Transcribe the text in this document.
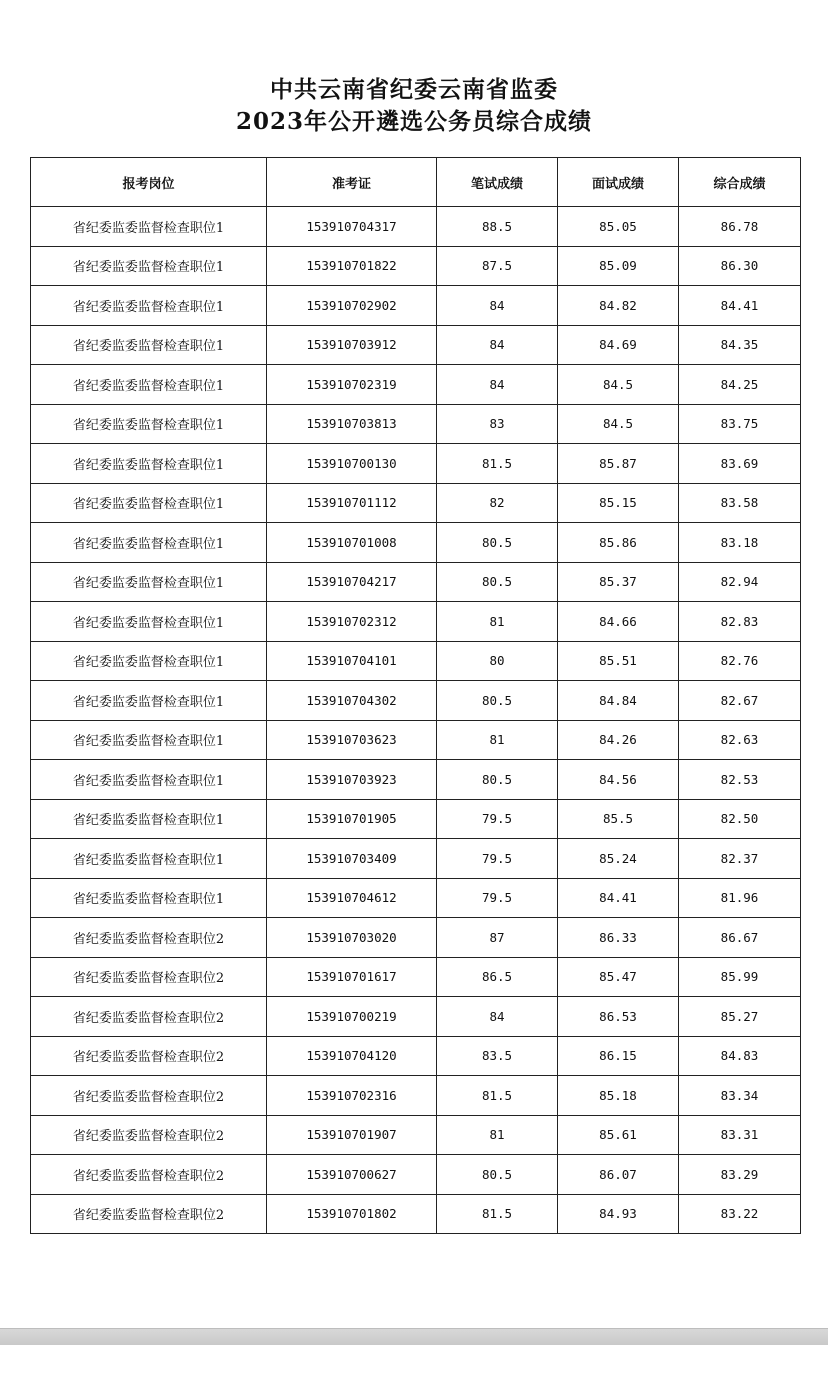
中共云南省纪委云南省监委
2023年公开遴选公务员综合成绩
报考岗位	准考证	笔试成绩	面试成绩	综合成绩
省纪委监委监督检查职位1	153910704317	88.5	85.05	86.78
省纪委监委监督检查职位1	153910701822	87.5	85.09	86.30
省纪委监委监督检查职位1	153910702902	84	84.82	84.41
省纪委监委监督检查职位1	153910703912	84	84.69	84.35
省纪委监委监督检查职位1	153910702319	84	84.5	84.25
省纪委监委监督检查职位1	153910703813	83	84.5	83.75
省纪委监委监督检查职位1	153910700130	81.5	85.87	83.69
省纪委监委监督检查职位1	153910701112	82	85.15	83.58
省纪委监委监督检查职位1	153910701008	80.5	85.86	83.18
省纪委监委监督检查职位1	153910704217	80.5	85.37	82.94
省纪委监委监督检查职位1	153910702312	81	84.66	82.83
省纪委监委监督检查职位1	153910704101	80	85.51	82.76
省纪委监委监督检查职位1	153910704302	80.5	84.84	82.67
省纪委监委监督检查职位1	153910703623	81	84.26	82.63
省纪委监委监督检查职位1	153910703923	80.5	84.56	82.53
省纪委监委监督检查职位1	153910701905	79.5	85.5	82.50
省纪委监委监督检查职位1	153910703409	79.5	85.24	82.37
省纪委监委监督检查职位1	153910704612	79.5	84.41	81.96
省纪委监委监督检查职位2	153910703020	87	86.33	86.67
省纪委监委监督检查职位2	153910701617	86.5	85.47	85.99
省纪委监委监督检查职位2	153910700219	84	86.53	85.27
省纪委监委监督检查职位2	153910704120	83.5	86.15	84.83
省纪委监委监督检查职位2	153910702316	81.5	85.18	83.34
省纪委监委监督检查职位2	153910701907	81	85.61	83.31
省纪委监委监督检查职位2	153910700627	80.5	86.07	83.29
省纪委监委监督检查职位2	153910701802	81.5	84.93	83.22
